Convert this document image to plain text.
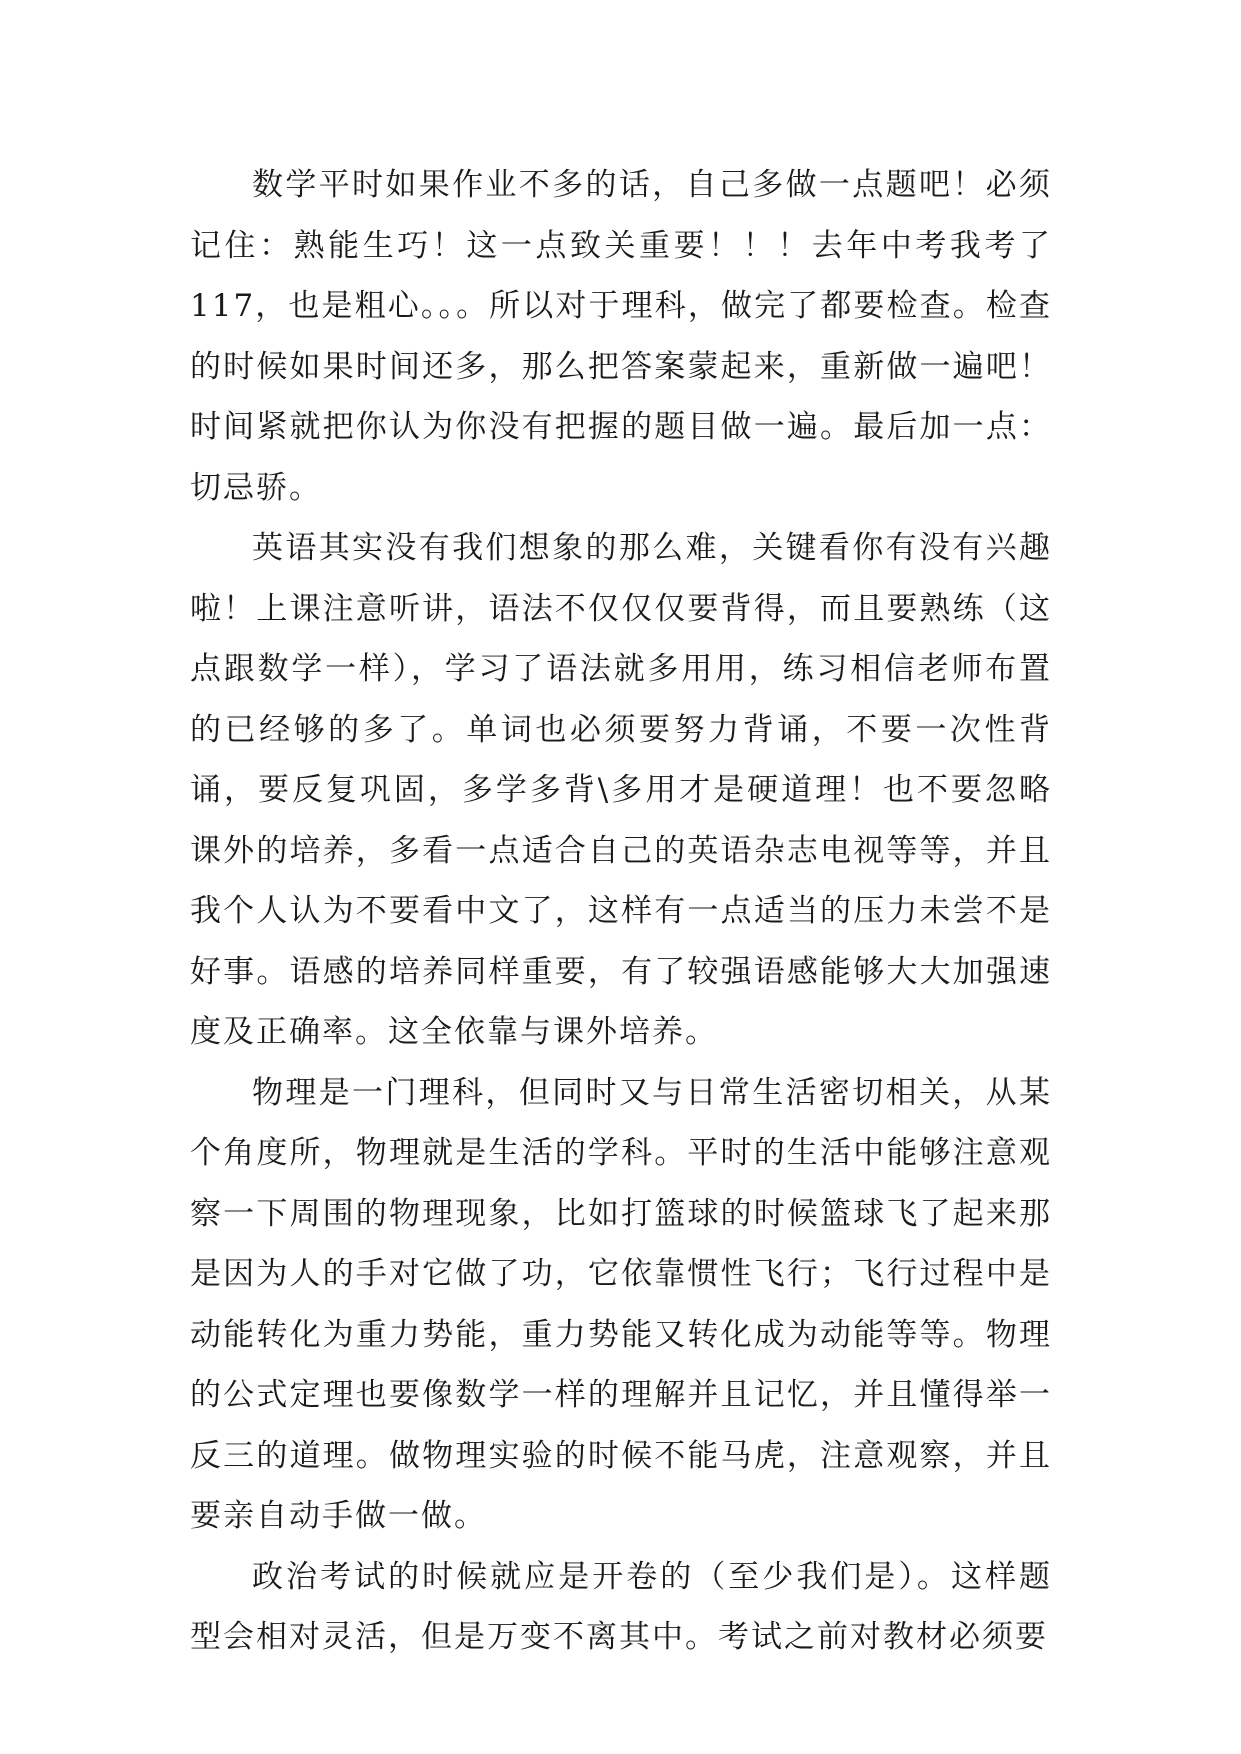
数学平时如果作业不多的话，自己多做一点题吧！必须记住：熟能生巧！这一点致关重要！！！去年中考我考了117，也是粗心。。。所以对于理科，做完了都要检查。检查的时候如果时间还多，那么把答案蒙起来，重新做一遍吧！时间紧就把你认为你没有把握的题目做一遍。最后加一点：切忌骄。

英语其实没有我们想象的那么难，关键看你有没有兴趣啦！上课注意听讲，语法不仅仅仅要背得，而且要熟练（这点跟数学一样），学习了语法就多用用，练习相信老师布置的已经够的多了。单词也必须要努力背诵，不要一次性背诵，要反复巩固，多学多背\多用才是硬道理！也不要忽略课外的培养，多看一点适合自己的英语杂志电视等等，并且我个人认为不要看中文了，这样有一点适当的压力未尝不是好事。语感的培养同样重要，有了较强语感能够大大加强速度及正确率。这全依靠与课外培养。

物理是一门理科，但同时又与日常生活密切相关，从某个角度所，物理就是生活的学科。平时的生活中能够注意观察一下周围的物理现象，比如打篮球的时候篮球飞了起来那是因为人的手对它做了功，它依靠惯性飞行；飞行过程中是动能转化为重力势能，重力势能又转化成为动能等等。物理的公式定理也要像数学一样的理解并且记忆，并且懂得举一反三的道理。做物理实验的时候不能马虎，注意观察，并且要亲自动手做一做。

政治考试的时候就应是开卷的（至少我们是）。这样题型会相对灵活，但是万变不离其中。考试之前对教材必须要
